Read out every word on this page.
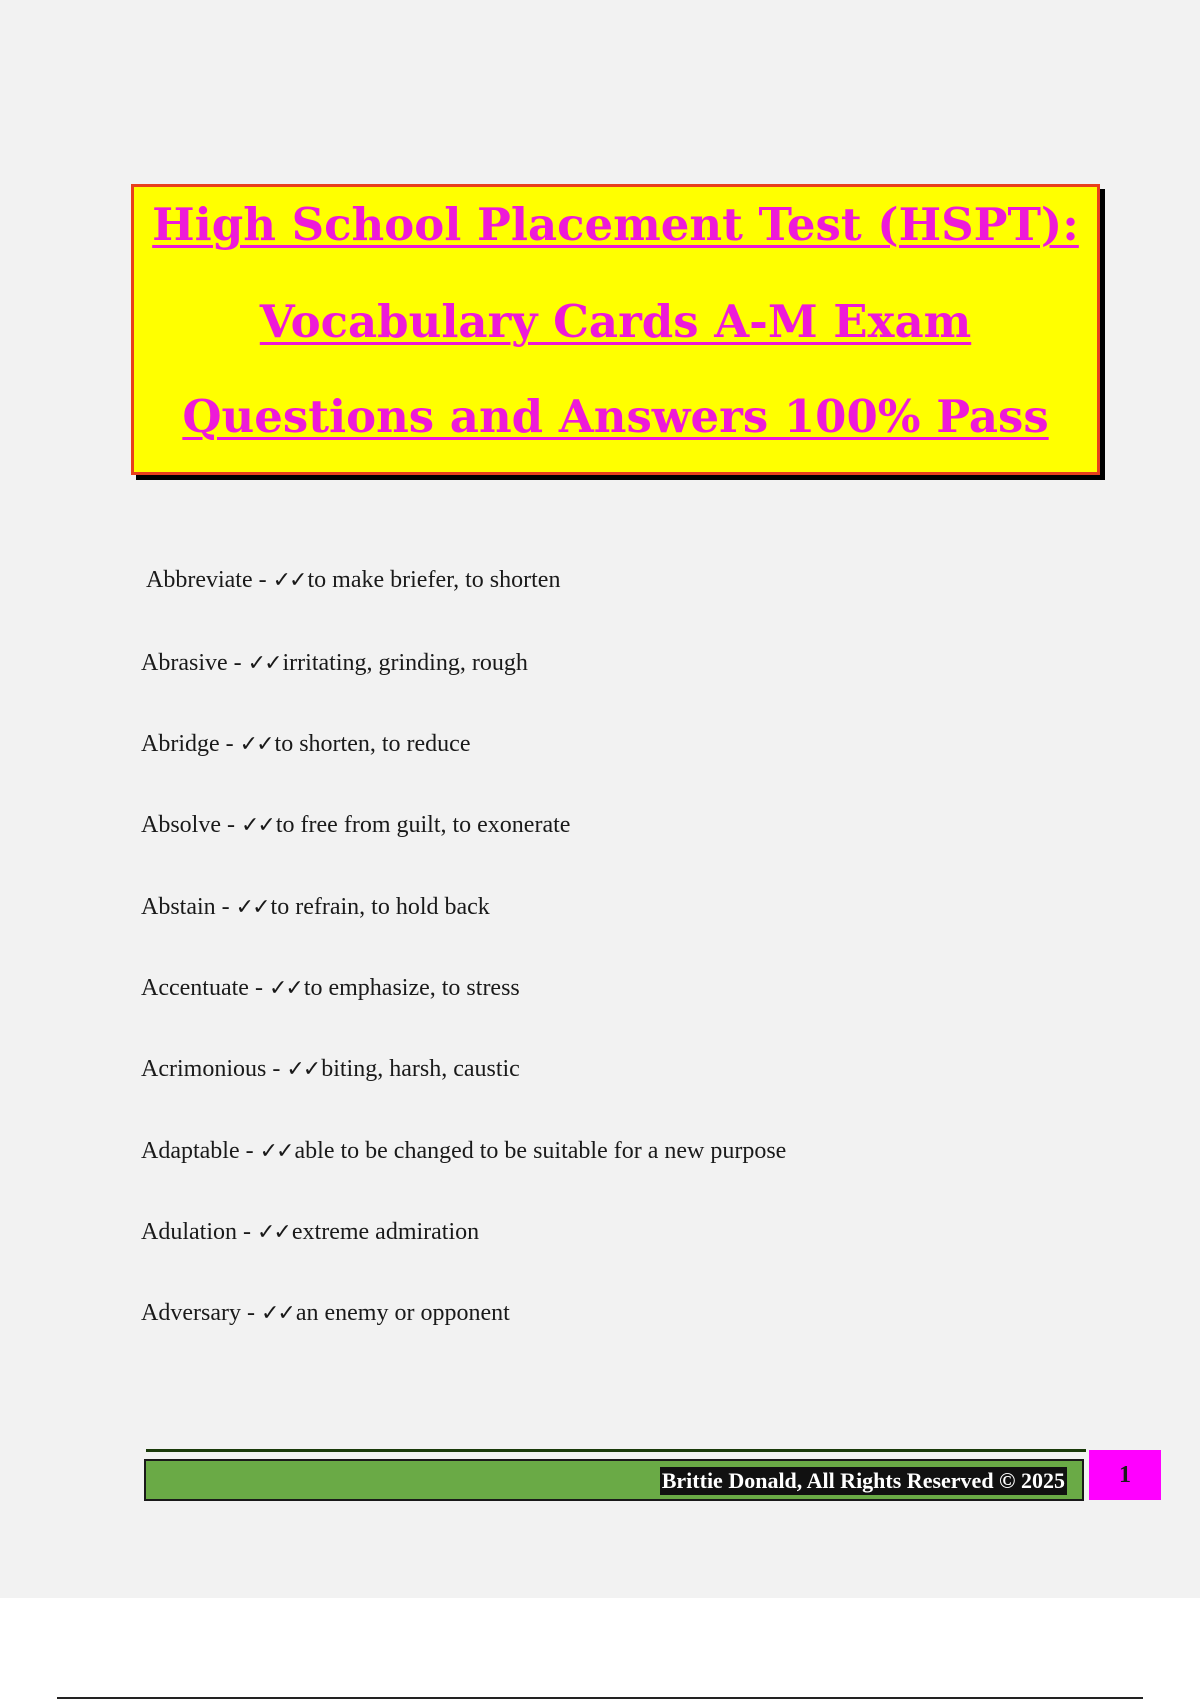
High School Placement Test (HSPT):
Vocabulary Cards A-M Exam
Questions and Answers 100% Pass
Abbreviate - ✓✓to make briefer, to shorten
Abrasive - ✓✓irritating, grinding, rough
Abridge - ✓✓to shorten, to reduce
Absolve - ✓✓to free from guilt, to exonerate
Abstain - ✓✓to refrain, to hold back
Accentuate - ✓✓to emphasize, to stress
Acrimonious - ✓✓biting, harsh, caustic
Adaptable - ✓✓able to be changed to be suitable for a new purpose
Adulation - ✓✓extreme admiration
Adversary - ✓✓an enemy or opponent
Brittie Donald, All Rights Reserved © 2025	1
